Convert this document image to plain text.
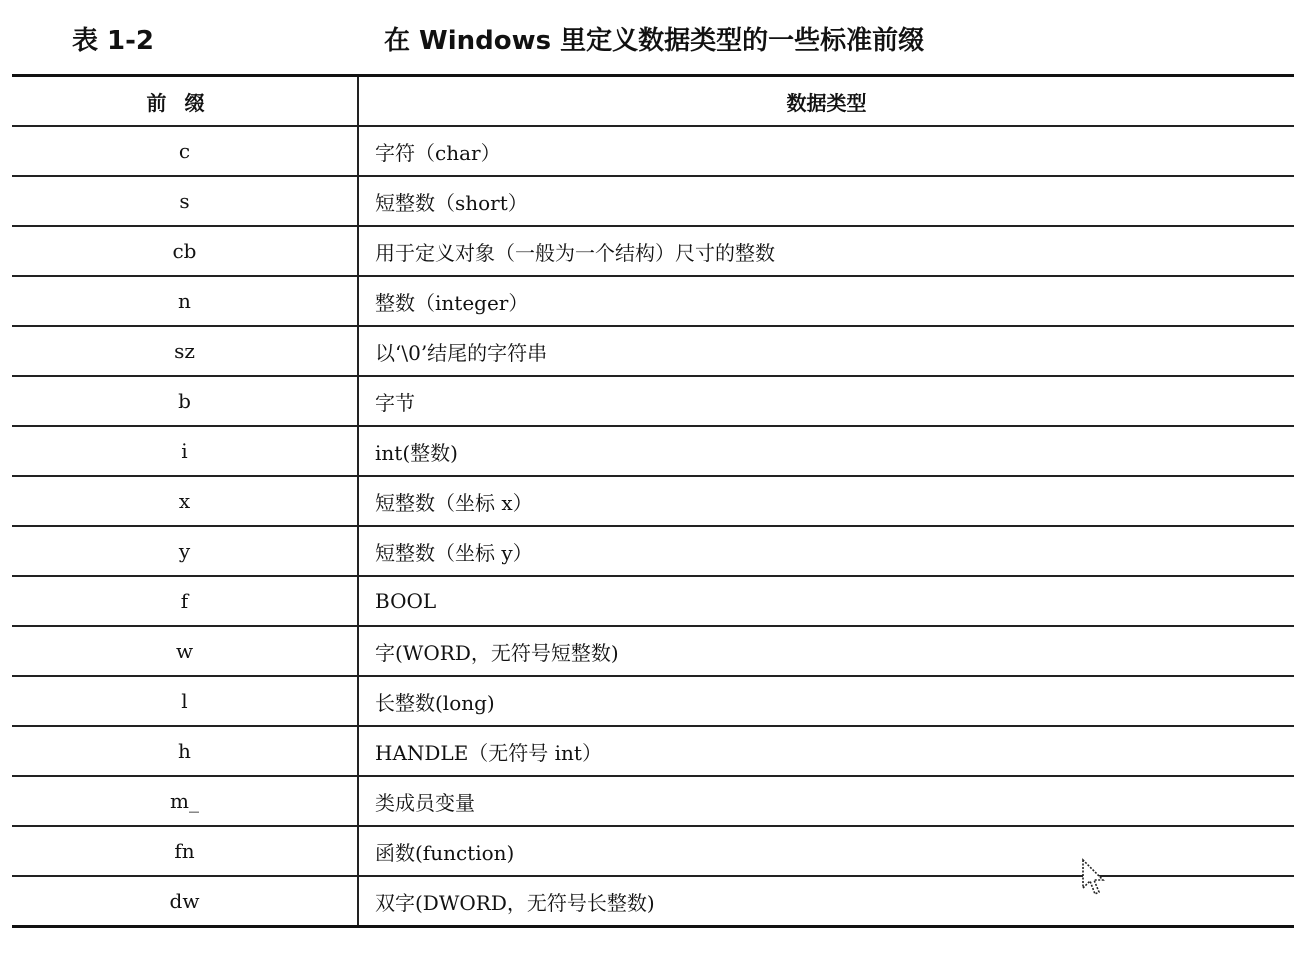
表 1-2	在 Windows 里定义数据类型的一些标准前缀
前缀	数据类型
c	字符（char）
s	短整数（short）
cb	用于定义对象（一般为一个结构）尺寸的整数
n	整数（integer）
sz	以‘\0’结尾的字符串
b	字节
i	int(整数)
x	短整数（坐标 x）
y	短整数（坐标 y）
f	BOOL
w	字(WORD，无符号短整数)
l	长整数(long)
h	HANDLE（无符号 int）
m_	类成员变量
fn	函数(function)
dw	双字(DWORD，无符号长整数)
